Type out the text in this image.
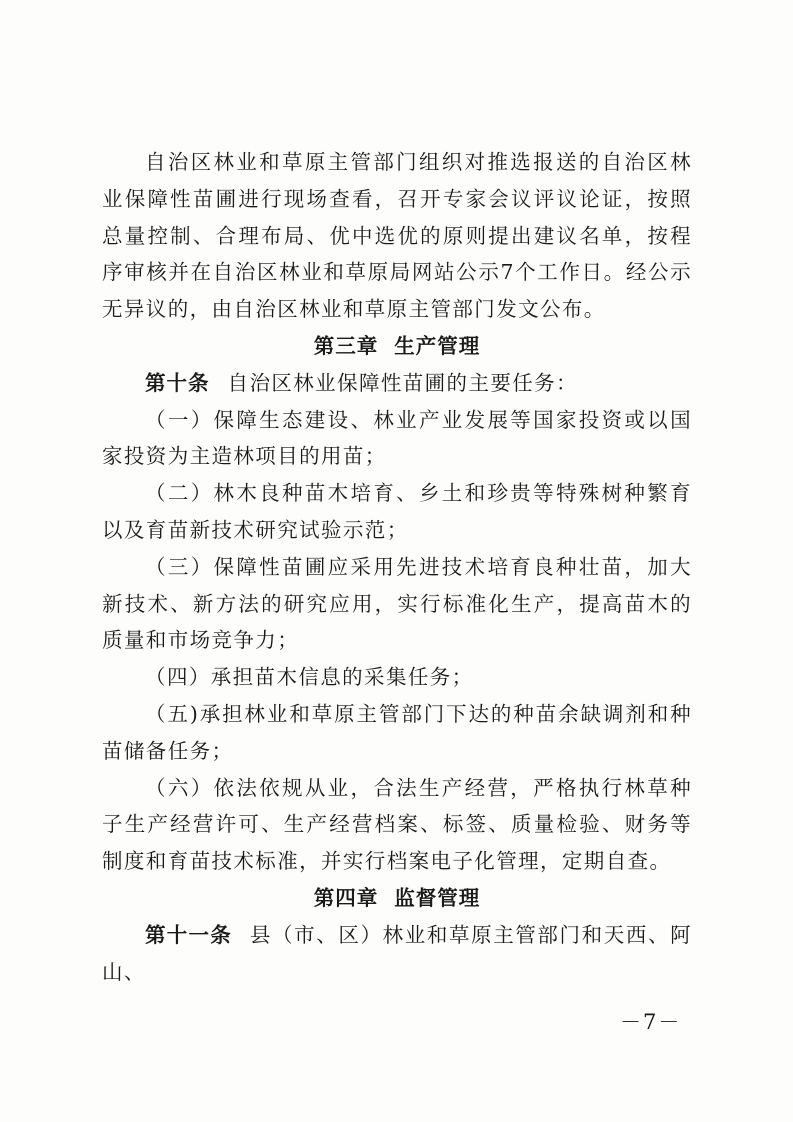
自治区林业和草原主管部门组织对推选报送的自治区林业保障性苗圃进行现场查看，召开专家会议评议论证，按照总量控制、合理布局、优中选优的原则提出建议名单，按程序审核并在自治区林业和草原局网站公示7个工作日。经公示无异议的，由自治区林业和草原主管部门发文公布。

第三章 生产管理

第十条 自治区林业保障性苗圃的主要任务：

（一）保障生态建设、林业产业发展等国家投资或以国家投资为主造林项目的用苗；

（二）林木良种苗木培育、乡土和珍贵等特殊树种繁育以及育苗新技术研究试验示范；

（三）保障性苗圃应采用先进技术培育良种壮苗，加大新技术、新方法的研究应用，实行标准化生产，提高苗木的质量和市场竞争力；

（四）承担苗木信息的采集任务；

（五)承担林业和草原主管部门下达的种苗余缺调剂和种苗储备任务；

（六）依法依规从业，合法生产经营，严格执行林草种子生产经营许可、生产经营档案、标签、质量检验、财务等制度和育苗技术标准，并实行档案电子化管理，定期自查。

第四章 监督管理

第十一条 县（市、区）林业和草原主管部门和天西、阿山、

－7－
